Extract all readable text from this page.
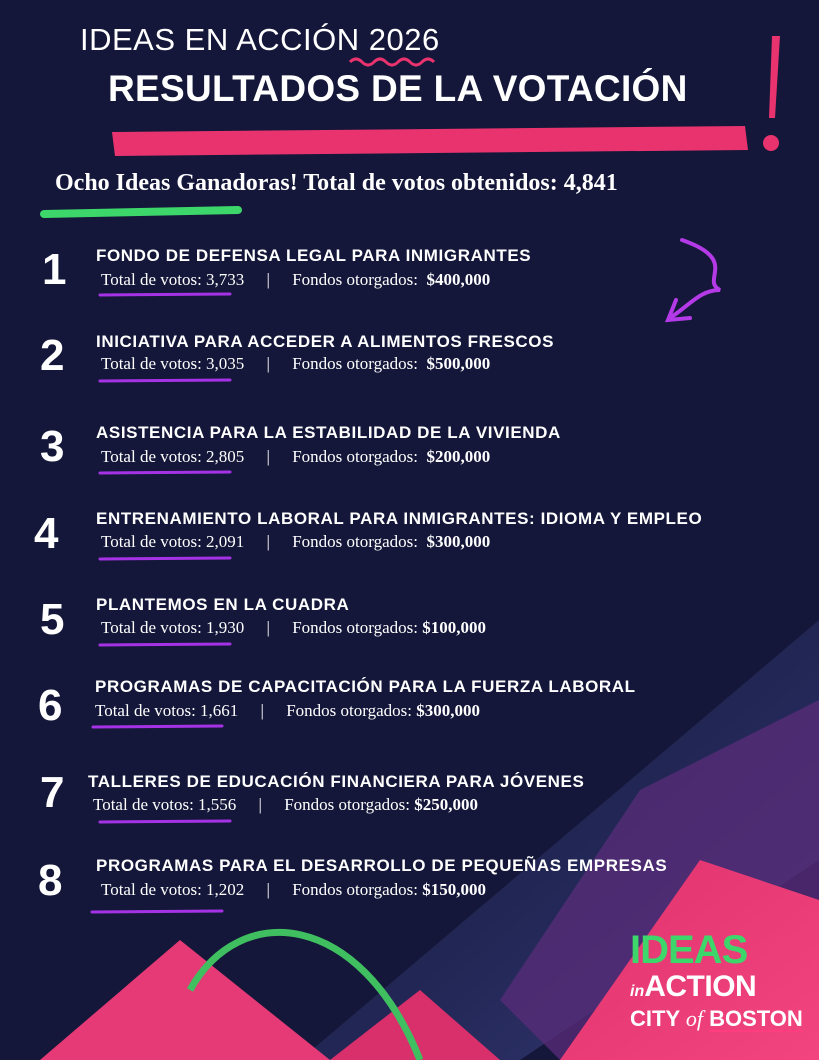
IDEAS EN ACCIÓN 2026
RESULTADOS DE LA VOTACIÓN
Ocho Ideas Ganadoras! Total de votos obtenidos: 4,841
1 FONDO DE DEFENSA LEGAL PARA INMIGRANTES
Total de votos: 3,733 | Fondos otorgados: $400,000
2 INICIATIVA PARA ACCEDER A ALIMENTOS FRESCOS
Total de votos: 3,035 | Fondos otorgados: $500,000
3 ASISTENCIA PARA LA ESTABILIDAD DE LA VIVIENDA
Total de votos: 2,805 | Fondos otorgados: $200,000
4 ENTRENAMIENTO LABORAL PARA INMIGRANTES: IDIOMA Y EMPLEO
Total de votos: 2,091 | Fondos otorgados: $300,000
5 PLANTEMOS EN LA CUADRA
Total de votos: 1,930 | Fondos otorgados: $100,000
6 PROGRAMAS DE CAPACITACIÓN PARA LA FUERZA LABORAL
Total de votos: 1,661 | Fondos otorgados: $300,000
7 TALLERES DE EDUCACIÓN FINANCIERA PARA JÓVENES
Total de votos: 1,556 | Fondos otorgados: $250,000
8 PROGRAMAS PARA EL DESARROLLO DE PEQUEÑAS EMPRESAS
Total de votos: 1,202 | Fondos otorgados: $150,000
IDEAS
inACTION
CITY of BOSTON
